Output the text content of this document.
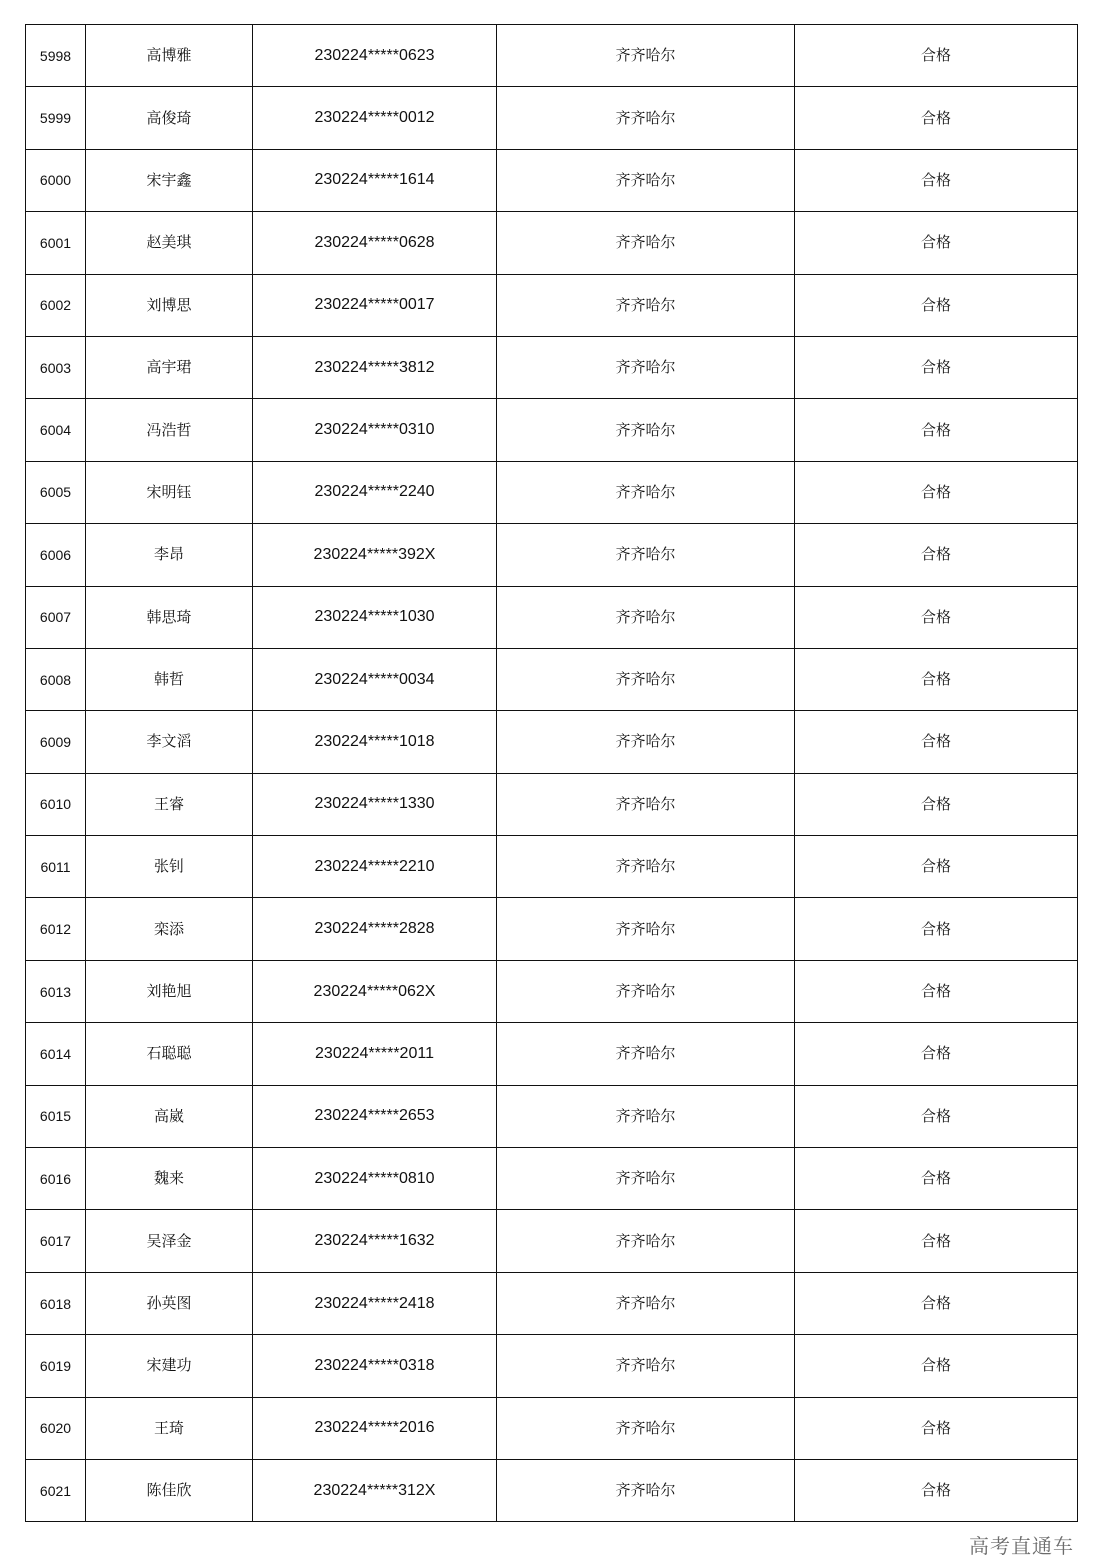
5998	高博雅	230224*****0623	齐齐哈尔	合格
5999	高俊琦	230224*****0012	齐齐哈尔	合格
6000	宋宇鑫	230224*****1614	齐齐哈尔	合格
6001	赵美琪	230224*****0628	齐齐哈尔	合格
6002	刘博思	230224*****0017	齐齐哈尔	合格
6003	高宇珺	230224*****3812	齐齐哈尔	合格
6004	冯浩哲	230224*****0310	齐齐哈尔	合格
6005	宋明钰	230224*****2240	齐齐哈尔	合格
6006	李昂	230224*****392X	齐齐哈尔	合格
6007	韩思琦	230224*****1030	齐齐哈尔	合格
6008	韩哲	230224*****0034	齐齐哈尔	合格
6009	李文滔	230224*****1018	齐齐哈尔	合格
6010	王睿	230224*****1330	齐齐哈尔	合格
6011	张钊	230224*****2210	齐齐哈尔	合格
6012	栾添	230224*****2828	齐齐哈尔	合格
6013	刘艳旭	230224*****062X	齐齐哈尔	合格
6014	石聪聪	230224*****2011	齐齐哈尔	合格
6015	高崴	230224*****2653	齐齐哈尔	合格
6016	魏来	230224*****0810	齐齐哈尔	合格
6017	吴泽金	230224*****1632	齐齐哈尔	合格
6018	孙英图	230224*****2418	齐齐哈尔	合格
6019	宋建功	230224*****0318	齐齐哈尔	合格
6020	王琦	230224*****2016	齐齐哈尔	合格
6021	陈佳欣	230224*****312X	齐齐哈尔	合格
高考直通车
